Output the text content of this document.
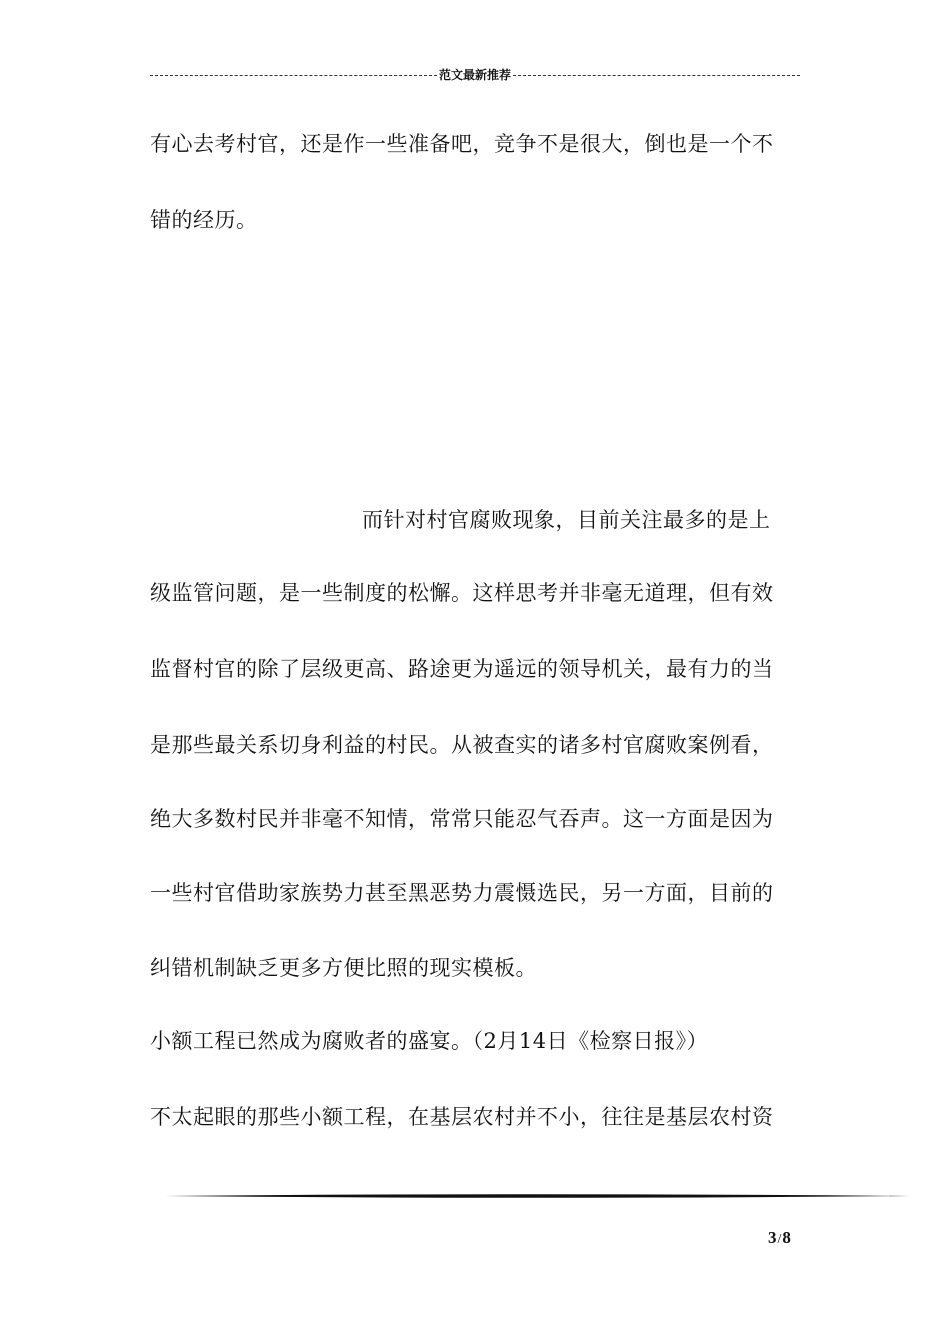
范文最新推荐
有心去考村官，还是作一些准备吧，竞争不是很大，倒也是一个不
错的经历。
而针对村官腐败现象，目前关注最多的是上
级监管问题，是一些制度的松懈。这样思考并非毫无道理，但有效
监督村官的除了层级更高、路途更为遥远的领导机关，最有力的当
是那些最关系切身利益的村民。从被查实的诸多村官腐败案例看，
绝大多数村民并非毫不知情，常常只能忍气吞声。这一方面是因为
一些村官借助家族势力甚至黑恶势力震慑选民，另一方面，目前的
纠错机制缺乏更多方便比照的现实模板。
小额工程已然成为腐败者的盛宴。（2月14日《检察日报》）
不太起眼的那些小额工程，在基层农村并不小，往往是基层农村资
3/8
